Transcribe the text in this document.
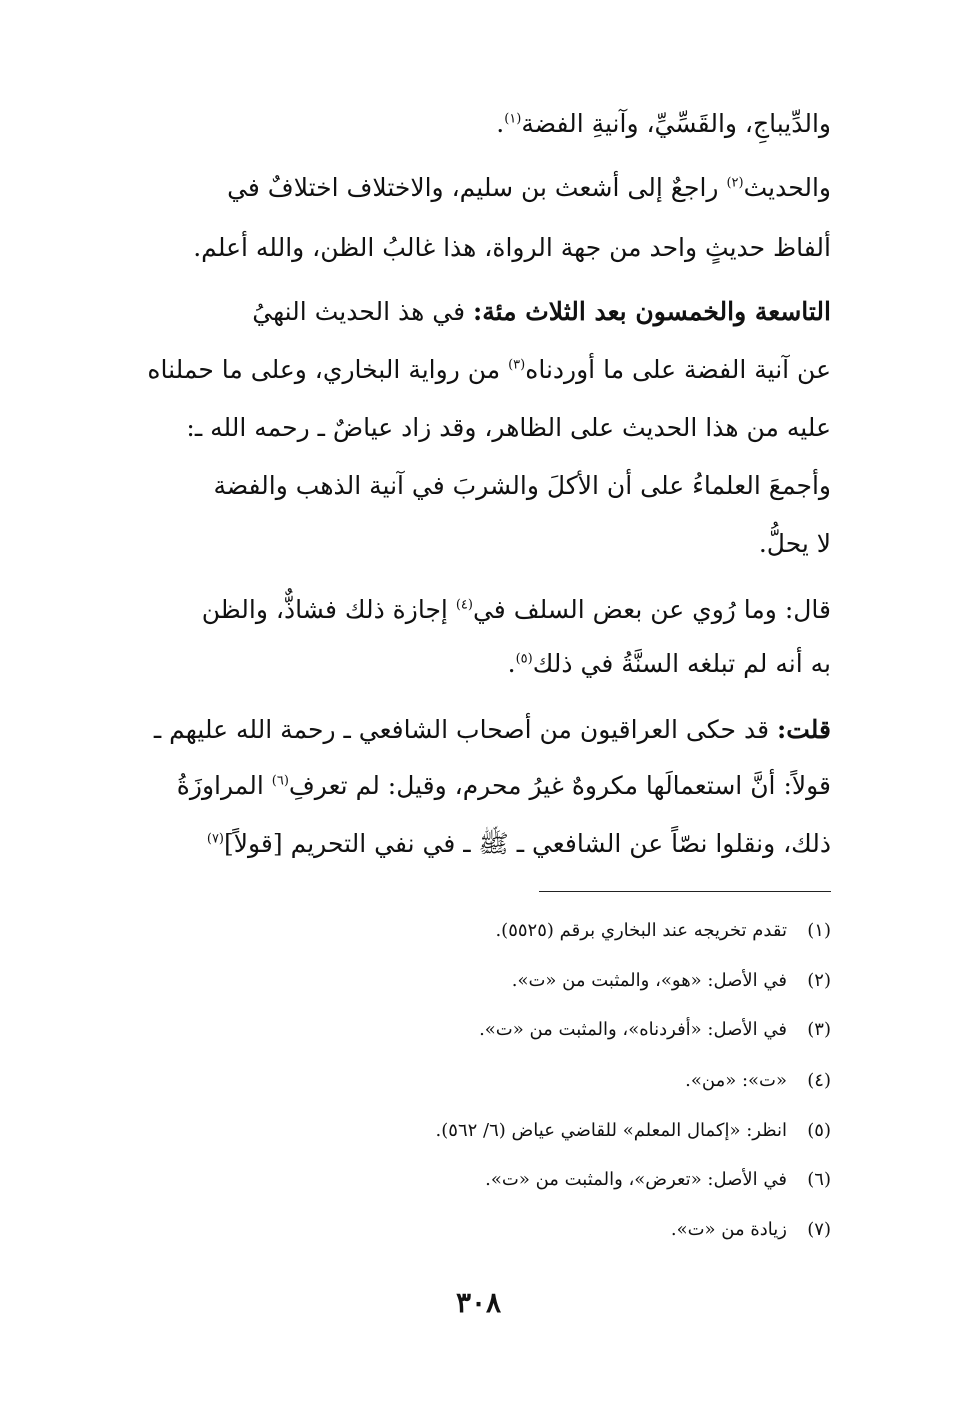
والدِّيباجِ، والقَسِّيِّ، وآنيةِ الفضة$^{(١)}$.
والحديث$^{(٢)}$ راجعٌ إلى أشعث بن سليم، والاختلاف اختلافٌ في
ألفاظ حديثٍ واحد من جهة الرواة، هذا غالبُ الظن، والله أعلم.
التاسعة والخمسون بعد الثلاث مئة: في هذ الحديث النهيُ
عن آنية الفضة على ما أوردناه$^{(٣)}$ من رواية البخاري، وعلى ما حملناه
عليه من هذا الحديث على الظاهر، وقد زاد عياضٌ ـ رحمه الله ـ:
وأجمعَ العلماءُ على أن الأكلَ والشربَ في آنية الذهب والفضة
لا يحلُّ.
قال: وما رُوي عن بعض السلف في$^{(٤)}$ إجازة ذلك فشاذٌّ، والظن
به أنه لم تبلغه السنَّةُ في ذلك$^{(٥)}$.
قلت: قد حكى العراقيون من أصحاب الشافعي ـ رحمة الله عليهم ـ
قولاً: أنَّ استعمالَها مكروهٌ غيرُ محرم، وقيل: لم تعرفِ$^{(٦)}$ المراوزَةُ
ذلك، ونقلوا نصّاً عن الشافعي ـ ﷺ ـ في نفي التحريم [قولاً]$^{(٧)}$
(١)تقدم تخريجه عند البخاري برقم (٥٥٢٥).
(٢)في الأصل: «هو»، والمثبت من «ت».
(٣)في الأصل: «أفردناه»، والمثبت من «ت».
(٤)«ت»: «من».
(٥)انظر: «إكمال المعلم» للقاضي عياض (٦/ ٥٦٢).
(٦)في الأصل: «تعرض»، والمثبت من «ت».
(٧)زيادة من «ت».
٣٠٨
